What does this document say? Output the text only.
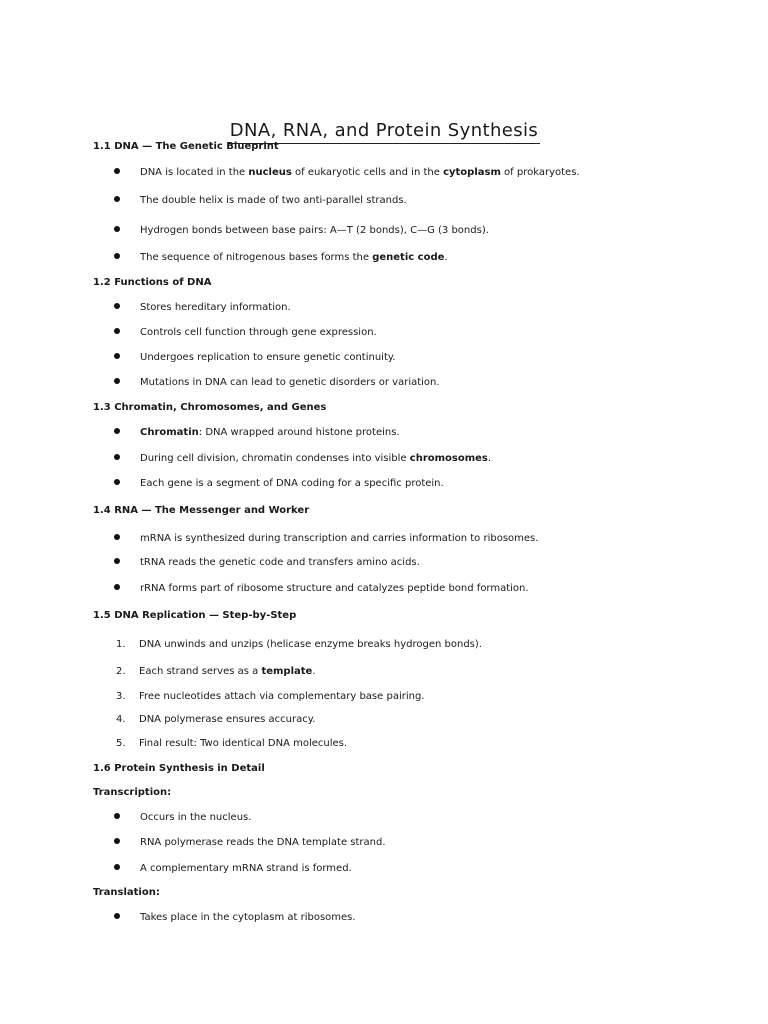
DNA, RNA, and Protein Synthesis

1.1 DNA — The Genetic Blueprint

DNA is located in the nucleus of eukaryotic cells and in the cytoplasm of prokaryotes.

The double helix is made of two anti-parallel strands.

Hydrogen bonds between base pairs: A—T (2 bonds), C—G (3 bonds).

The sequence of nitrogenous bases forms the genetic code.

1.2 Functions of DNA

Stores hereditary information.

Controls cell function through gene expression.

Undergoes replication to ensure genetic continuity.

Mutations in DNA can lead to genetic disorders or variation.

1.3 Chromatin, Chromosomes, and Genes

Chromatin: DNA wrapped around histone proteins.

During cell division, chromatin condenses into visible chromosomes.

Each gene is a segment of DNA coding for a specific protein.

1.4 RNA — The Messenger and Worker

mRNA is synthesized during transcription and carries information to ribosomes.

tRNA reads the genetic code and transfers amino acids.

rRNA forms part of ribosome structure and catalyzes peptide bond formation.

1.5 DNA Replication — Step-by-Step

1. DNA unwinds and unzips (helicase enzyme breaks hydrogen bonds).

2. Each strand serves as a template.

3. Free nucleotides attach via complementary base pairing.

4. DNA polymerase ensures accuracy.

5. Final result: Two identical DNA molecules.

1.6 Protein Synthesis in Detail

Transcription:

Occurs in the nucleus.

RNA polymerase reads the DNA template strand.

A complementary mRNA strand is formed.

Translation:

Takes place in the cytoplasm at ribosomes.
